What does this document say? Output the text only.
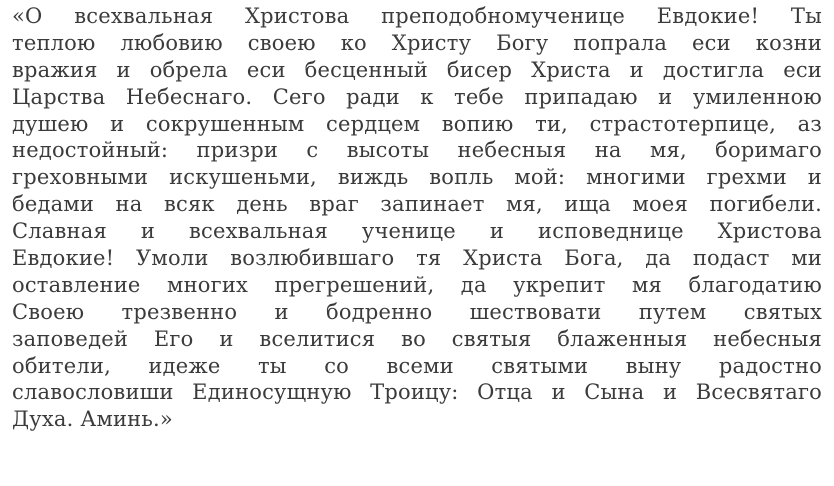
«О всехвальная Христова преподобномученице Евдокие! Ты
теплою любовию своею ко Христу Богу попрала еси козни
вражия и обрела еси бесценный бисер Христа и достигла еси
Царства Небеснаго. Сего ради к тебе припадаю и умиленною
душею и сокрушенным сердцем вопию ти, страстотерпице, аз
недостойный: призри с высоты небесныя на мя, боримаго
греховными искушеньми, виждь вопль мой: многими грехми и
бедами на всяк день враг запинает мя, ища моея погибели.
Славная и всехвальная ученице и исповеднице Христова
Евдокие! Умоли возлюбившаго тя Христа Бога, да подаст ми
оставление многих прегрешений, да укрепит мя благодатию
Своею трезвенно и бодренно шествовати путем святых
заповедей Его и вселитися во святыя блаженныя небесныя
обители, идеже ты со всеми святыми выну радостно
славословиши Единосущную Троицу: Отца и Сына и Всесвятаго
Духа. Аминь.»
